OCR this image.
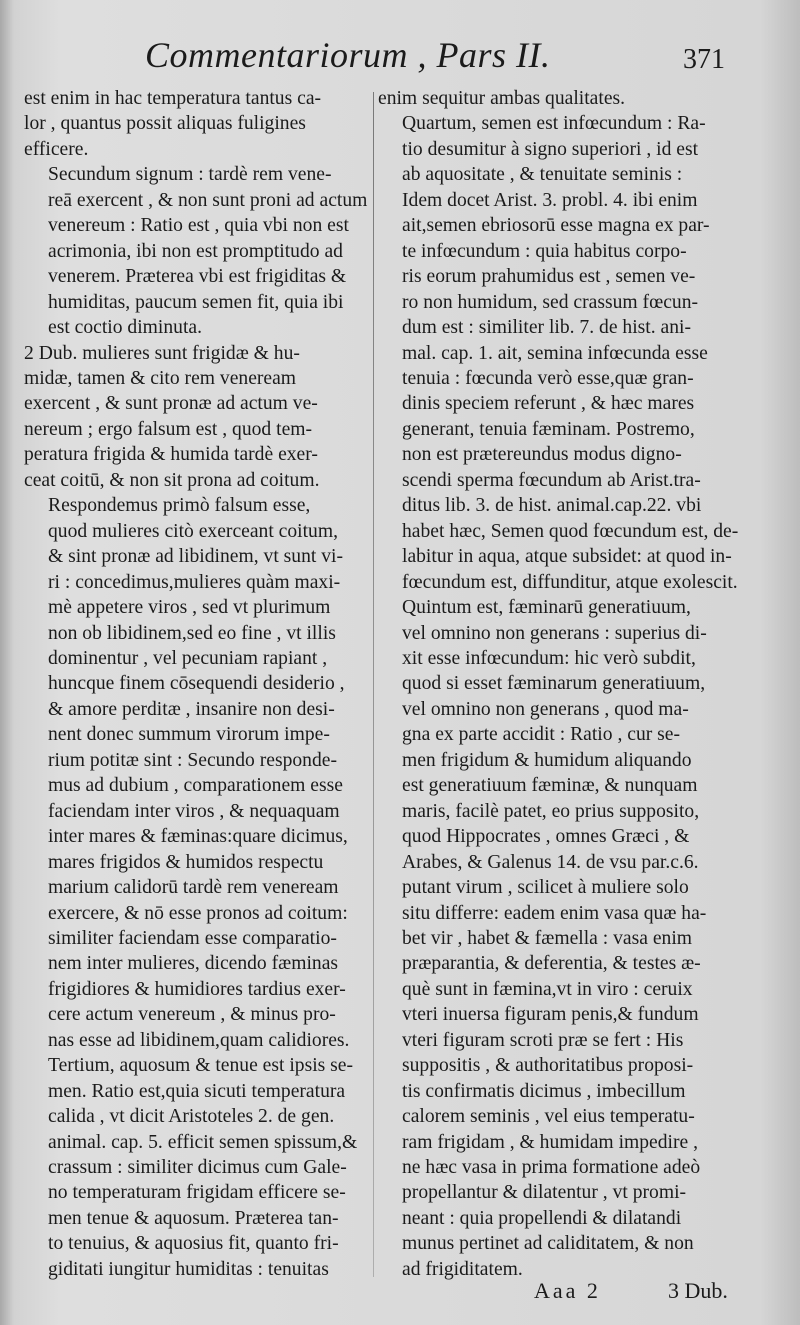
Commentariorum , Pars II.	371
est enim in hac temperatura tantus ca-
lor , quantus possit aliquas fuligines
efficere.
Secundum signum : tardè rem vene-
reā exercent , & non sunt proni ad actum
venereum : Ratio est , quia vbi non est
acrimonia, ibi non est promptitudo ad
venerem. Præterea vbi est frigiditas &
humiditas, paucum semen fit, quia ibi
est coctio diminuta.
2 Dub. mulieres sunt frigidæ & hu-
midæ, tamen & cito rem veneream
exercent , & sunt pronæ ad actum ve-
nereum ; ergo falsum est , quod tem-
peratura frigida & humida tardè exer-
ceat coitū, & non sit prona ad coitum.
Respondemus primò falsum esse,
quod mulieres citò exerceant coitum,
& sint pronæ ad libidinem, vt sunt vi-
ri : concedimus,mulieres quàm maxi-
mè appetere viros , sed vt plurimum
non ob libidinem,sed eo fine , vt illis
dominentur , vel pecuniam rapiant ,
huncque finem cōsequendi desiderio ,
& amore perditæ , insanire non desi-
nent donec summum virorum impe-
rium potitæ sint : Secundo responde-
mus ad dubium , comparationem esse
faciendam inter viros , & nequaquam
inter mares & fæminas:quare dicimus,
mares frigidos & humidos respectu
marium calidorū tardè rem veneream
exercere, & nō esse pronos ad coitum:
similiter faciendam esse comparatio-
nem inter mulieres, dicendo fæminas
frigidiores & humidiores tardius exer-
cere actum venereum , & minus pro-
nas esse ad libidinem,quam calidiores.
Tertium, aquosum & tenue est ipsis se-
men. Ratio est,quia sicuti temperatura
calida , vt dicit Aristoteles 2. de gen.
animal. cap. 5. efficit semen spissum,&
crassum : similiter dicimus cum Gale-
no temperaturam frigidam efficere se-
men tenue & aquosum. Præterea tan-
to tenuius, & aquosius fit, quanto fri-
giditati iungitur humiditas : tenuitas
enim sequitur ambas qualitates.
Quartum, semen est infœcundum : Ra-
tio desumitur à signo superiori , id est
ab aquositate , & tenuitate seminis :
Idem docet Arist. 3. probl. 4. ibi enim
ait,semen ebriosorū esse magna ex par-
te infœcundum : quia habitus corpo-
ris eorum prahumidus est , semen ve-
ro non humidum, sed crassum fœcun-
dum est : similiter lib. 7. de hist. ani-
mal. cap. 1. ait, semina infœcunda esse
tenuia : fœcunda verò esse,quæ gran-
dinis speciem referunt , & hæc mares
generant, tenuia fæminam. Postremo,
non est prætereundus modus digno-
scendi sperma fœcundum ab Arist.tra-
ditus lib. 3. de hist. animal.cap.22. vbi
habet hæc, Semen quod fœcundum est, de-
labitur in aqua, atque subsidet: at quod in-
fœcundum est, diffunditur, atque exolescit.
Quintum est, fæminarū generatiuum,
vel omnino non generans : superius di-
xit esse infœcundum: hic verò subdit,
quod si esset fæminarum generatiuum,
vel omnino non generans , quod ma-
gna ex parte accidit : Ratio , cur se-
men frigidum & humidum aliquando
est generatiuum fæminæ, & nunquam
maris, facilè patet, eo prius supposito,
quod Hippocrates , omnes Græci , &
Arabes, & Galenus 14. de vsu par.c.6.
putant virum , scilicet à muliere solo
situ differre: eadem enim vasa quæ ha-
bet vir , habet & fæmella : vasa enim
præparantia, & deferentia, & testes æ-
què sunt in fæmina,vt in viro : ceruix
vteri inuersa figuram penis,& fundum
vteri figuram scroti præ se fert : His
suppositis , & authoritatibus proposi-
tis confirmatis dicimus , imbecillum
calorem seminis , vel eius temperatu-
ram frigidam , & humidam impedire ,
ne hæc vasa in prima formatione adeò
propellantur & dilatentur , vt promi-
neant : quia propellendi & dilatandi
munus pertinet ad caliditatem, & non
ad frigiditatem.
Aaa 2	3 Dub.
